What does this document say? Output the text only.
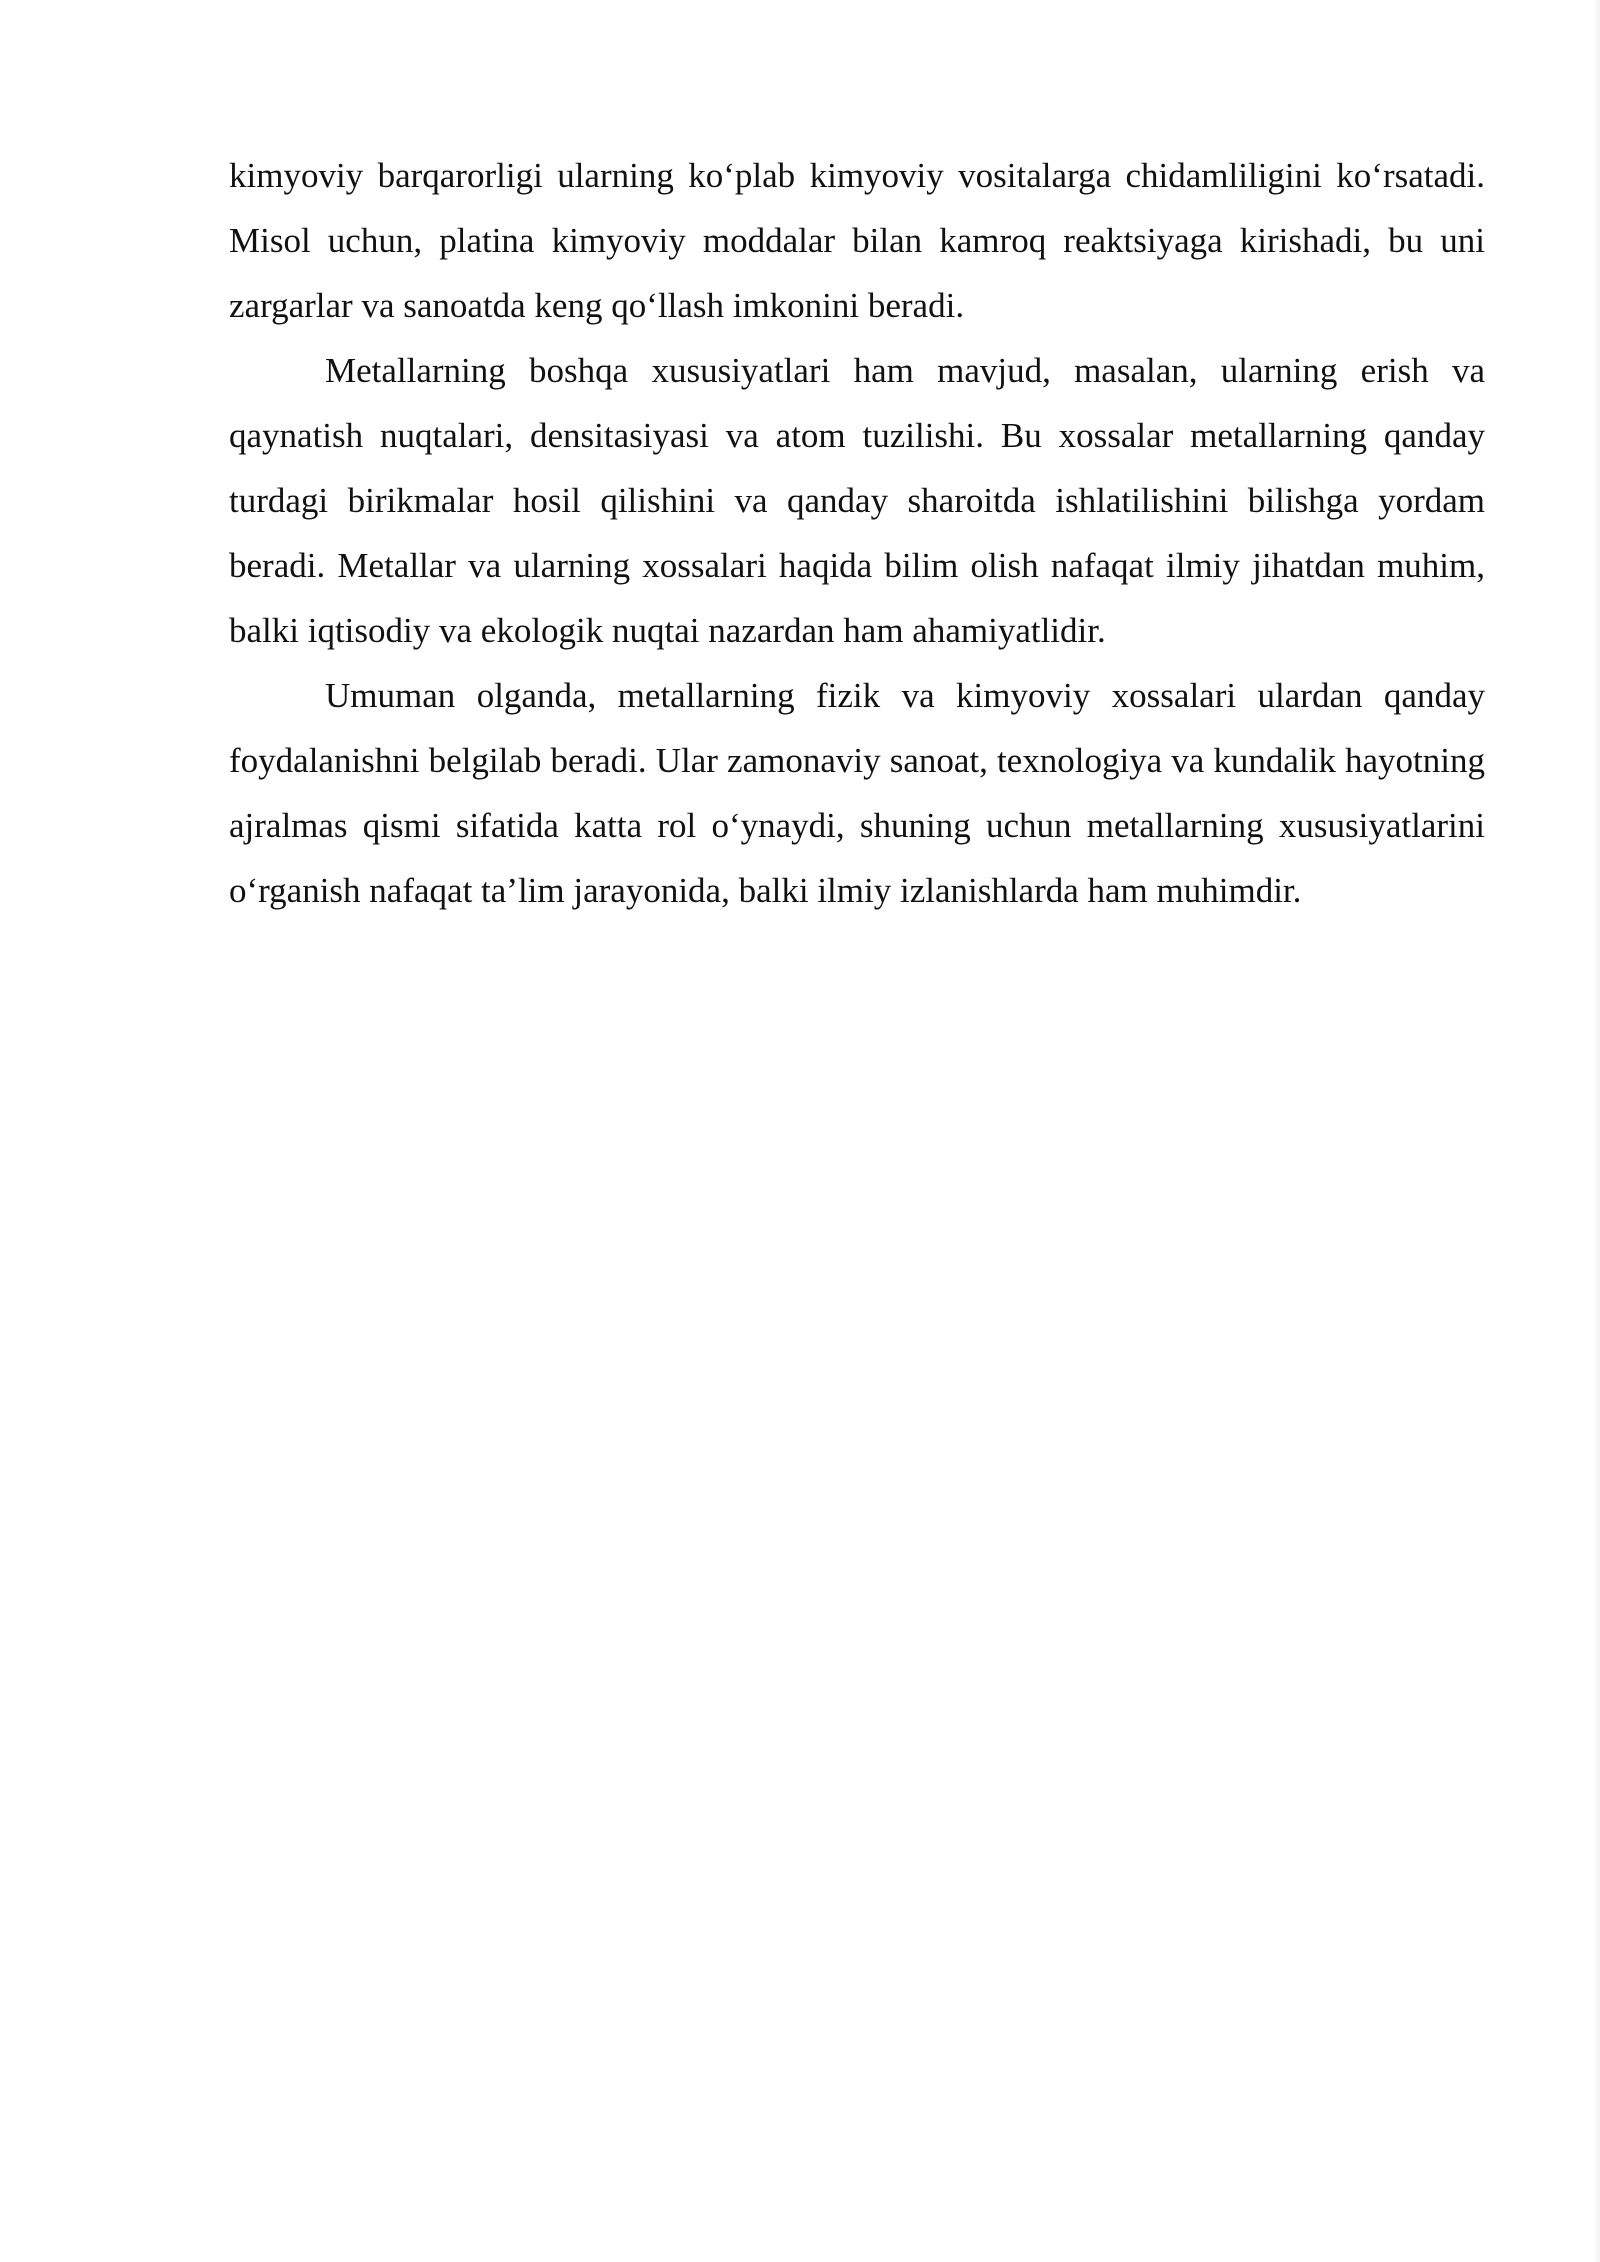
kimyoviy barqarorligi ularning ko‘plab kimyoviy vositalarga chidamliligini ko‘rsatadi. Misol uchun, platina kimyoviy moddalar bilan kamroq reaktsiyaga kirishadi, bu uni zargarlar va sanoatda keng qo‘llash imkonini beradi.

Metallarning boshqa xususiyatlari ham mavjud, masalan, ularning erish va qaynatish nuqtalari, densitasiyasi va atom tuzilishi. Bu xossalar metallarning qanday turdagi birikmalar hosil qilishini va qanday sharoitda ishlatilishini bilishga yordam beradi. Metallar va ularning xossalari haqida bilim olish nafaqat ilmiy jihatdan muhim, balki iqtisodiy va ekologik nuqtai nazardan ham ahamiyatlidir.

Umuman olganda, metallarning fizik va kimyoviy xossalari ulardan qanday foydalanishni belgilab beradi. Ular zamonaviy sanoat, texnologiya va kundalik hayotning ajralmas qismi sifatida katta rol o‘ynaydi, shuning uchun metallarning xususiyatlarini o‘rganish nafaqat ta’lim jarayonida, balki ilmiy izlanishlarda ham muhimdir.
